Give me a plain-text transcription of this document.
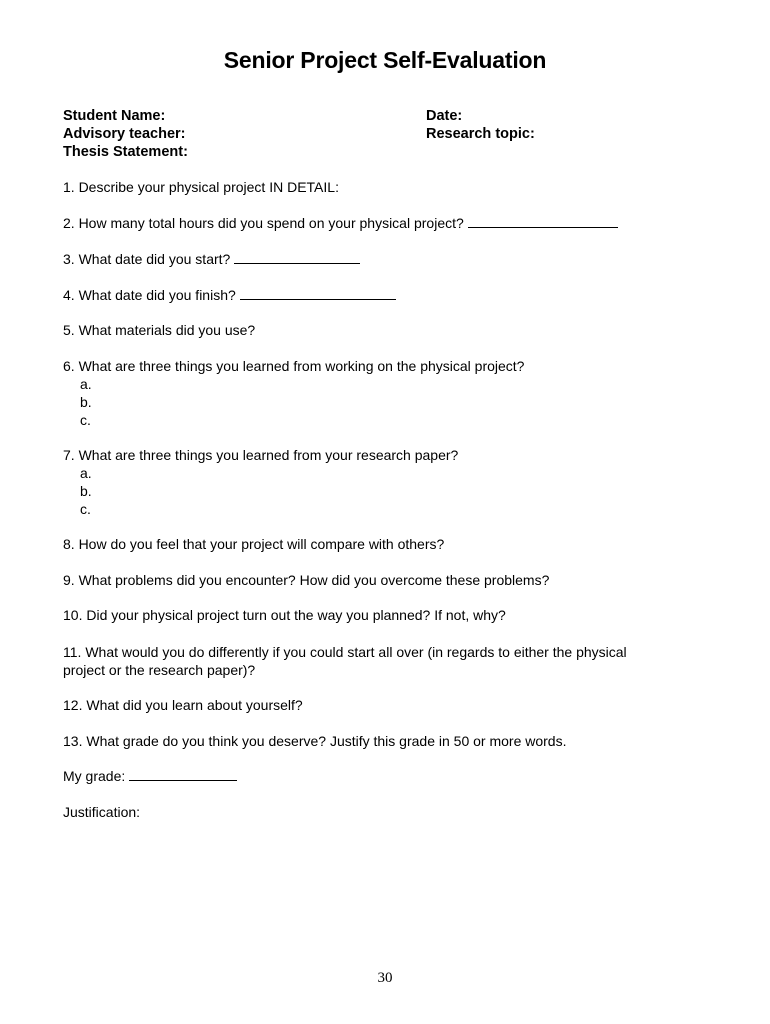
Senior Project Self-Evaluation
Student Name:
Advisory teacher:
Thesis Statement:
Date:
Research topic:
1. Describe your physical project IN DETAIL:
2. How many total hours did you spend on your physical project?
3. What date did you start?
4. What date did you finish?
5. What materials did you use?
6. What are three things you learned from working on the physical project?
a.
b.
c.
7. What are three things you learned from your research paper?
a.
b.
c.
8. How do you feel that your project will compare with others?
9. What problems did you encounter? How did you overcome these problems?
10. Did your physical project turn out the way you planned? If not, why?
11. What would you do differently if you could start all over (in regards to either the physical
project or the research paper)?
12. What did you learn about yourself?
13. What grade do you think you deserve? Justify this grade in 50 or more words.
My grade:
Justification:
30
